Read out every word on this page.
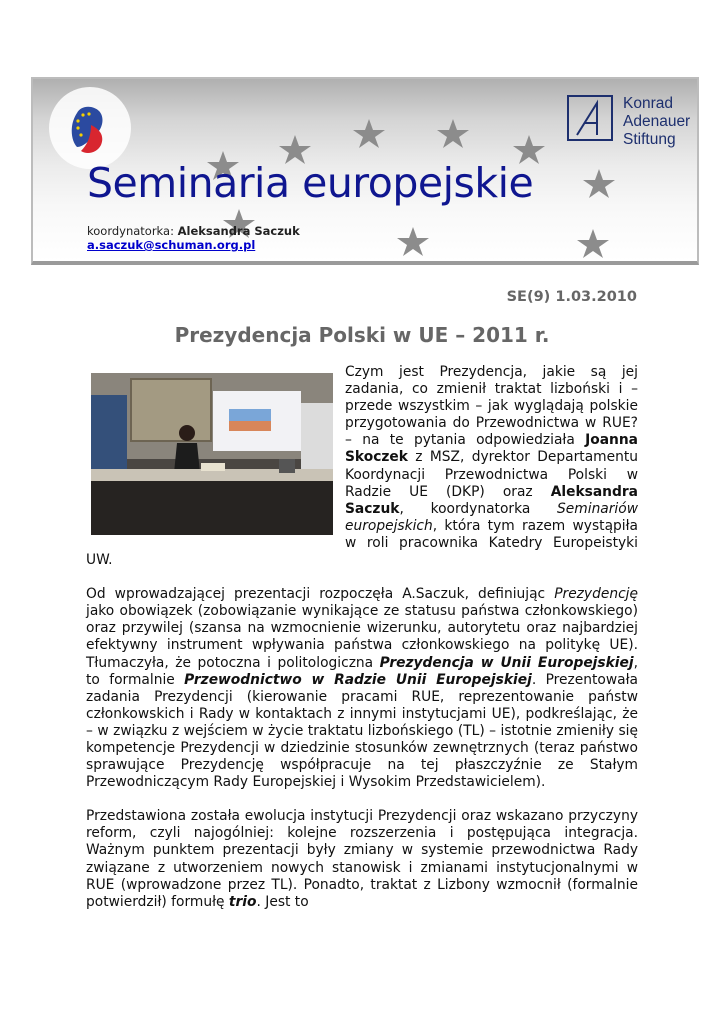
Konrad
Adenauer
Stiftung
Seminaria europejskie
koordynatorka: Aleksandra Saczuk
a.saczuk@schuman.org.pl
SE(9) 1.03.2010
Prezydencja Polski w UE – 2011 r.

Czym jest Prezydencja, jakie są jej zadania, co zmienił traktat lizboński i – przede wszystkim – jak wyglądają polskie przygotowania do Przewodnictwa w RUE? – na te pytania odpowiedziała Joanna Skoczek z MSZ, dyrektor Departamentu Koordynacji Przewodnictwa Polski w Radzie UE (DKP) oraz Aleksandra Saczuk, koordynatorka Seminariów europejskich, która tym razem wystąpiła w roli pracownika Katedry Europeistyki UW.

Od wprowadzającej prezentacji rozpoczęła A.Saczuk, definiując Prezydencję jako obowiązek (zobowiązanie wynikające ze statusu państwa członkowskiego) oraz przywilej (szansa na wzmocnienie wizerunku, autorytetu oraz najbardziej efektywny instrument wpływania państwa członkowskiego na politykę UE). Tłumaczyła, że potoczna i politologiczna Prezydencja w Unii Europejskiej, to formalnie Przewodnictwo w Radzie Unii Europejskiej. Prezentowała zadania Prezydencji (kierowanie pracami RUE, reprezentowanie państw członkowskich i Rady w kontaktach z innymi instytucjami UE), podkreślając, że – w związku z wejściem w życie traktatu lizbońskiego (TL) – istotnie zmieniły się kompetencje Prezydencji w dziedzinie stosunków zewnętrznych (teraz państwo sprawujące Prezydencję współpracuje na tej płaszczyźnie ze Stałym Przewodniczącym Rady Europejskiej i Wysokim Przedstawicielem).

Przedstawiona została ewolucja instytucji Prezydencji oraz wskazano przyczyny reform, czyli najogólniej: kolejne rozszerzenia i postępująca integracja. Ważnym punktem prezentacji były zmiany w systemie przewodnictwa Rady związane z utworzeniem nowych stanowisk i zmianami instytucjonalnymi w RUE (wprowadzone przez TL). Ponadto, traktat z Lizbony wzmocnił (formalnie potwierdził) formułę trio. Jest to
